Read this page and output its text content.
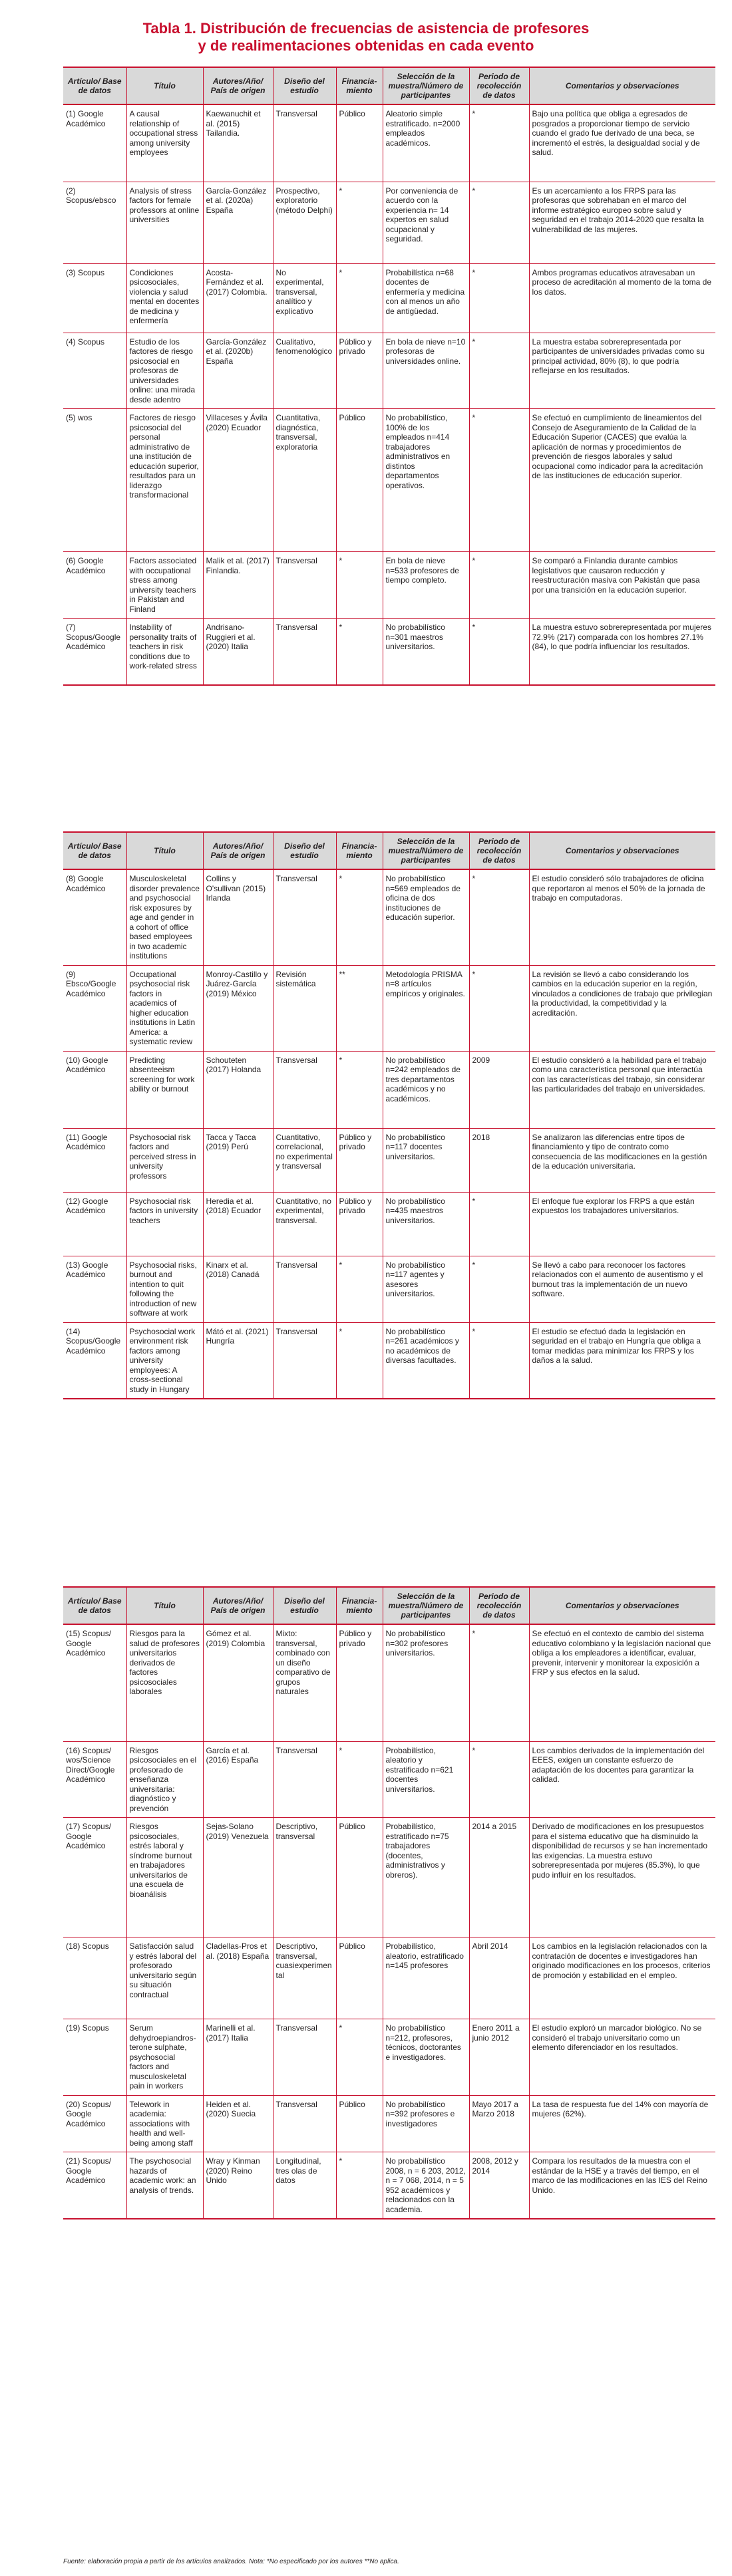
Tabla 1. Distribución de frecuencias de asistencia de profesores
y de realimentaciones obtenidas en cada evento
Artículo/ Base de datos	Título	Autores/Año/ País de origen	Diseño del estudio	Financia- miento	Selección de la muestra/Número de participantes	Periodo de recolección de datos	Comentarios y observaciones
(1) Google Académico	A causal relationship of occupational stress among university employees	Kaewanuchit et al. (2015) Tailandia.	Transversal	Público	Aleatorio simple estratificado. n=2000 empleados académicos.	*	Bajo una política que obliga a egresados de posgrados a proporcionar tiempo de servicio cuando el grado fue derivado de una beca, se incrementó el estrés, la desigualdad social y de salud.
(2) Scopus/ebsco	Analysis of stress factors for female professors at online universities	García-González et al. (2020a) España	Prospectivo, exploratorio (método Delphi)	*	Por conveniencia de acuerdo con la experiencia n= 14 expertos en salud ocupacional y seguridad.	*	Es un acercamiento a los FRPS para las profesoras que sobrehaban en el marco del informe estratégico europeo sobre salud y seguridad en el trabajo 2014-2020 que resalta la vulnerabilidad de las mujeres.
(3) Scopus	Condiciones psicosociales, violencia y salud mental en docentes de medicina y enfermería	Acosta-Fernández et al. (2017) Colombia.	No experimental, transversal, analítico y explicativo	*	Probabilística n=68 docentes de enfermería y medicina con al menos un año de antigüedad.	*	Ambos programas educativos atravesaban un proceso de acreditación al momento de la toma de los datos.
(4) Scopus	Estudio de los factores de riesgo psicosocial en profesoras de universidades online: una mirada desde adentro	García-González et al. (2020b) España	Cualitativo, fenomenológico	Público y privado	En bola de nieve n=10 profesoras de universidades online.	*	La muestra estaba sobrerepresentada por participantes de universidades privadas como su principal actividad, 80% (8), lo que podría reflejarse en los resultados.
(5) wos	Factores de riesgo psicosocial del personal administrativo de una institución de educación superior, resultados para un liderazgo transformacional	Villaceses y Ávila (2020) Ecuador	Cuantitativa, diagnóstica, transversal, exploratoria	Público	No probabilístico, 100% de los empleados n=414 trabajadores administrativos en distintos departamentos operativos.	*	Se efectuó en cumplimiento de lineamientos del Consejo de Aseguramiento de la Calidad de la Educación Superior (CACES) que evalúa la aplicación de normas y procedimientos de prevención de riesgos laborales y salud ocupacional como indicador para la acreditación de las instituciones de educación superior.
(6) Google Académico	Factors associated with occupational stress among university teachers in Pakistan and Finland	Malik et al. (2017) Finlandia.	Transversal	*	En bola de nieve n=533 profesores de tiempo completo.	*	Se comparó a Finlandia durante cambios legislativos que causaron reducción y reestructuración masiva con Pakistán que pasa por una transición en la educación superior.
(7) Scopus/Google Académico	Instability of personality traits of teachers in risk conditions due to work-related stress	Andrisano-Ruggieri et al. (2020) Italia	Transversal	*	No probabilístico n=301 maestros universitarios.	*	La muestra estuvo sobrerepresentada por mujeres 72.9% (217) comparada con los hombres 27.1% (84), lo que podría influenciar los resultados.
Artículo/ Base de datos	Título	Autores/Año/ País de origen	Diseño del estudio	Financia- miento	Selección de la muestra/Número de participantes	Periodo de recolección de datos	Comentarios y observaciones
(8) Google Académico	Musculoskeletal disorder prevalence and psychosocial risk exposures by age and gender in a cohort of office based employees in two academic institutions	Collins y O'sullivan (2015) Irlanda	Transversal	*	No probabilístico n=569 empleados de oficina de dos instituciones de educación superior.	*	El estudio consideró sólo trabajadores de oficina que reportaron al menos el 50% de la jornada de trabajo en computadoras.
(9) Ebsco/Google Académico	Occupational psychosocial risk factors in academics of higher education institutions in Latin America: a systematic review	Monroy-Castillo y Juárez-García (2019) México	Revisión sistemática	**	Metodología PRISMA n=8 artículos empíricos y originales.	*	La revisión se llevó a cabo considerando los cambios en la educación superior en la región, vinculados a condiciones de trabajo que privilegian la productividad, la competitividad y la acreditación.
(10) Google Académico	Predicting absenteeism screening for work ability or burnout	Schouteten (2017) Holanda	Transversal	*	No probabilístico n=242 empleados de tres departamentos académicos y no académicos.	2009	El estudio consideró a la habilidad para el trabajo como una característica personal que interactúa con las características del trabajo, sin considerar las particularidades del trabajo en universidades.
(11) Google Académico	Psychosocial risk factors and perceived stress in university professors	Tacca y Tacca (2019) Perú	Cuantitativo, correlacional, no experimental y transversal	Público y privado	No probabilístico n=117 docentes universitarios.	2018	Se analizaron las diferencias entre tipos de financiamiento y tipo de contrato como consecuencia de las modificaciones en la gestión de la educación universitaria.
(12) Google Académico	Psychosocial risk factors in university teachers	Heredia et al. (2018) Ecuador	Cuantitativo, no experimental, transversal.	Público y privado	No probabilístico n=435 maestros universitarios.	*	El enfoque fue explorar los FRPS a que están expuestos los trabajadores universitarios.
(13) Google Académico	Psychosocial risks, burnout and intention to quit following the introduction of new software at work	Kinarx et al. (2018) Canadá	Transversal	*	No probabilístico n=117 agentes y asesores universitarios.	*	Se llevó a cabo para reconocer los factores relacionados con el aumento de ausentismo y el burnout tras la implementación de un nuevo software.
(14) Scopus/Google Académico	Psychosocial work environment risk factors among university employees: A cross-sectional study in Hungary	Mátó et al. (2021) Hungría	Transversal	*	No probabilístico n=261 académicos y no académicos de diversas facultades.	*	El estudio se efectuó dada la legislación en seguridad en el trabajo en Hungría que obliga a tomar medidas para minimizar los FRPS y los daños a la salud.
Artículo/ Base de datos	Título	Autores/Año/ País de origen	Diseño del estudio	Financia- miento	Selección de la muestra/Número de participantes	Periodo de recolección de datos	Comentarios y observaciones
(15) Scopus/ Google Académico	Riesgos para la salud de profesores universitarios derivados de factores psicosociales laborales	Gómez et al. (2019) Colombia	Mixto: transversal, combinado con un diseño comparativo de grupos naturales	Público y privado	No probabilístico n=302 profesores universitarios.	*	Se efectuó en el contexto de cambio del sistema educativo colombiano y la legislación nacional que obliga a los empleadores a identificar, evaluar, prevenir, intervenir y monitorear la exposición a FRP y sus efectos en la salud.
(16) Scopus/ wos/Science Direct/Google Académico	Riesgos psicosociales en el profesorado de enseñanza universitaria: diagnóstico y prevención	García et al. (2016) España	Transversal	*	Probabilístico, aleatorio y estratificado n=621 docentes universitarios.	*	Los cambios derivados de la implementación del EEES, exigen un constante esfuerzo de adaptación de los docentes para garantizar la calidad.
(17) Scopus/ Google Académico	Riesgos psicosociales, estrés laboral y síndrome burnout en trabajadores universitarios de una escuela de bioanálisis	Sejas-Solano (2019) Venezuela	Descriptivo, transversal	Público	Probabilístico, estratificado n=75 trabajadores (docentes, administrativos y obreros).	2014 a 2015	Derivado de modificaciones en los presupuestos para el sistema educativo que ha disminuido la disponibilidad de recursos y se han incrementado las exigencias. La muestra estuvo sobrerepresentada por mujeres (85.3%), lo que pudo influir en los resultados.
(18) Scopus	Satisfacción salud y estrés laboral del profesorado universitario según su situación contractual	Cladellas-Pros et al. (2018) España	Descriptivo, transversal, cuasiexperimental	Público	Probabilístico, aleatorio, estratificado n=145 profesores	Abril 2014	Los cambios en la legislación relacionados con la contratación de docentes e investigadores han originado modificaciones en los procesos, criterios de promoción y estabilidad en el empleo.
(19) Scopus	Serum dehydroepiandros-terone sulphate, psychosocial factors and musculoskeletal pain in workers	Marinelli et al. (2017) Italia	Transversal	*	No probabilístico n=212, profesores, técnicos, doctorantes e investigadores.	Enero 2011 a junio 2012	El estudio exploró un marcador biológico. No se consideró el trabajo universitario como un elemento diferenciador en los resultados.
(20) Scopus/ Google Académico	Telework in academia: associations with health and well-being among staff	Heiden et al. (2020) Suecia	Transversal	Público	No probabilístico n=392 profesores e investigadores	Mayo 2017 a Marzo 2018	La tasa de respuesta fue del 14% con mayoría de mujeres (62%).
(21) Scopus/ Google Académico	The psychosocial hazards of academic work: an analysis of trends.	Wray y Kinman (2020) Reino Unido	Longitudinal, tres olas de datos	*	No probabilístico 2008, n = 6 203, 2012, n = 7 068, 2014, n = 5 952 académicos y relacionados con la academia.	2008, 2012 y 2014	Compara los resultados de la muestra con el estándar de la HSE y a través del tiempo, en el marco de las modificaciones en las IES del Reino Unido.
Fuente: elaboración propia a partir de los artículos analizados. Nota: *No especificado por los autores **No aplica.
